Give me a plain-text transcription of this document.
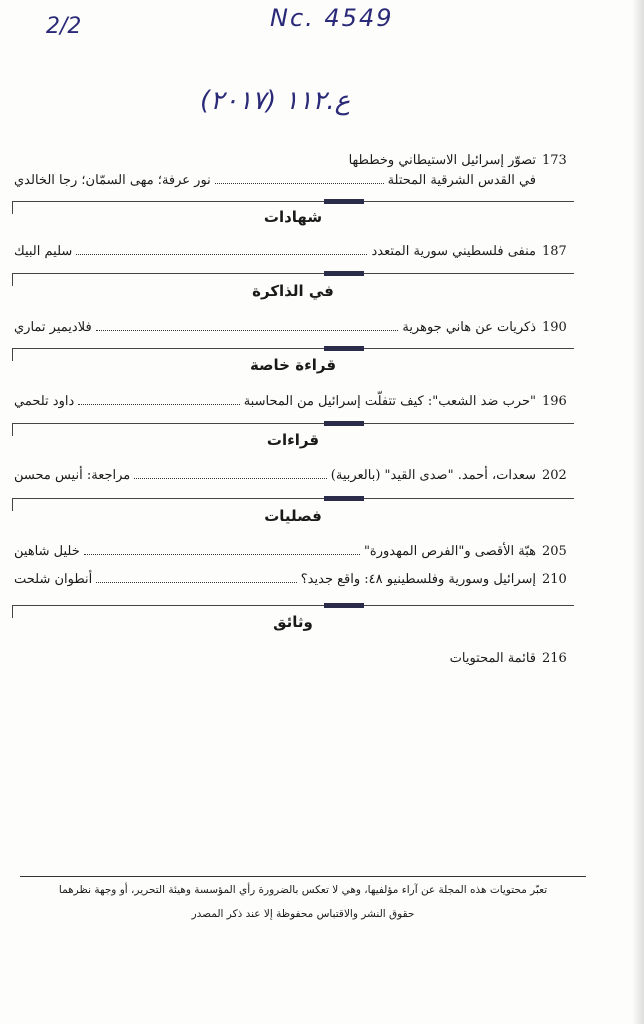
2/2	Nc. 4549
ع.١١٢ (٢٠١٧)
173
تصوّر إسرائيل الاستيطاني وخططها
في القدس الشرقية المحتلة
نور عرفة؛ مهى السمّان؛ رجا الخالدي
شهادات
187
منفى فلسطيني سورية المتعدد
سليم البيك
في الذاكرة
190
ذكريات عن هاني جوهرية
فلاديمير تماري
قراءة خاصة
196
"حرب ضد الشعب": كيف تتفلّت إسرائيل من المحاسبة
داود تلحمي
قراءات
202
سعدات، أحمد. "صدى القيد" (بالعربية)
مراجعة: أنيس محسن
فصليات
205
هبّة الأقصى و"الفرص المهدورة"
خليل شاهين
210
إسرائيل وسورية وفلسطينيو ٤٨: واقع جديد؟
أنطوان شلحت
وثائق
216
قائمة المحتويات
تعبّر محتويات هذه المجلة عن آراء مؤلفيها، وهي لا تعكس بالضرورة رأي المؤسسة وهيئة التحرير، أو وجهة نظرهما
حقوق النشر والاقتباس محفوظة إلا عند ذكر المصدر
